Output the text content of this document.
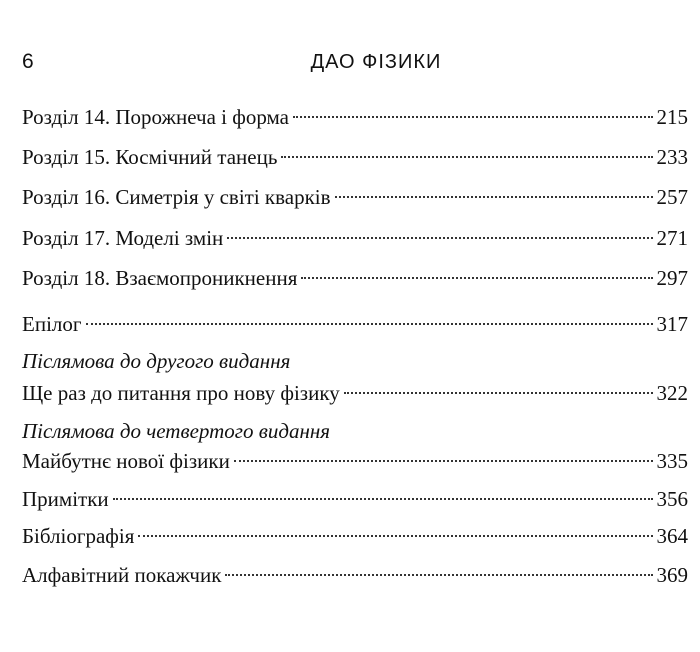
6	ДАО ФІЗИКИ
Розділ 14. Порожнеча і форма	215
Розділ 15. Космічний танець	233
Розділ 16. Симетрія у світі кварків	257
Розділ 17. Моделі змін	271
Розділ 18. Взаємопроникнення	297
Епілог	317
Післямова до другого видання
Ще раз до питання про нову фізику	322
Післямова до четвертого видання
Майбутнє нової фізики	335
Примітки	356
Бібліографія	364
Алфавітний покажчик	369
